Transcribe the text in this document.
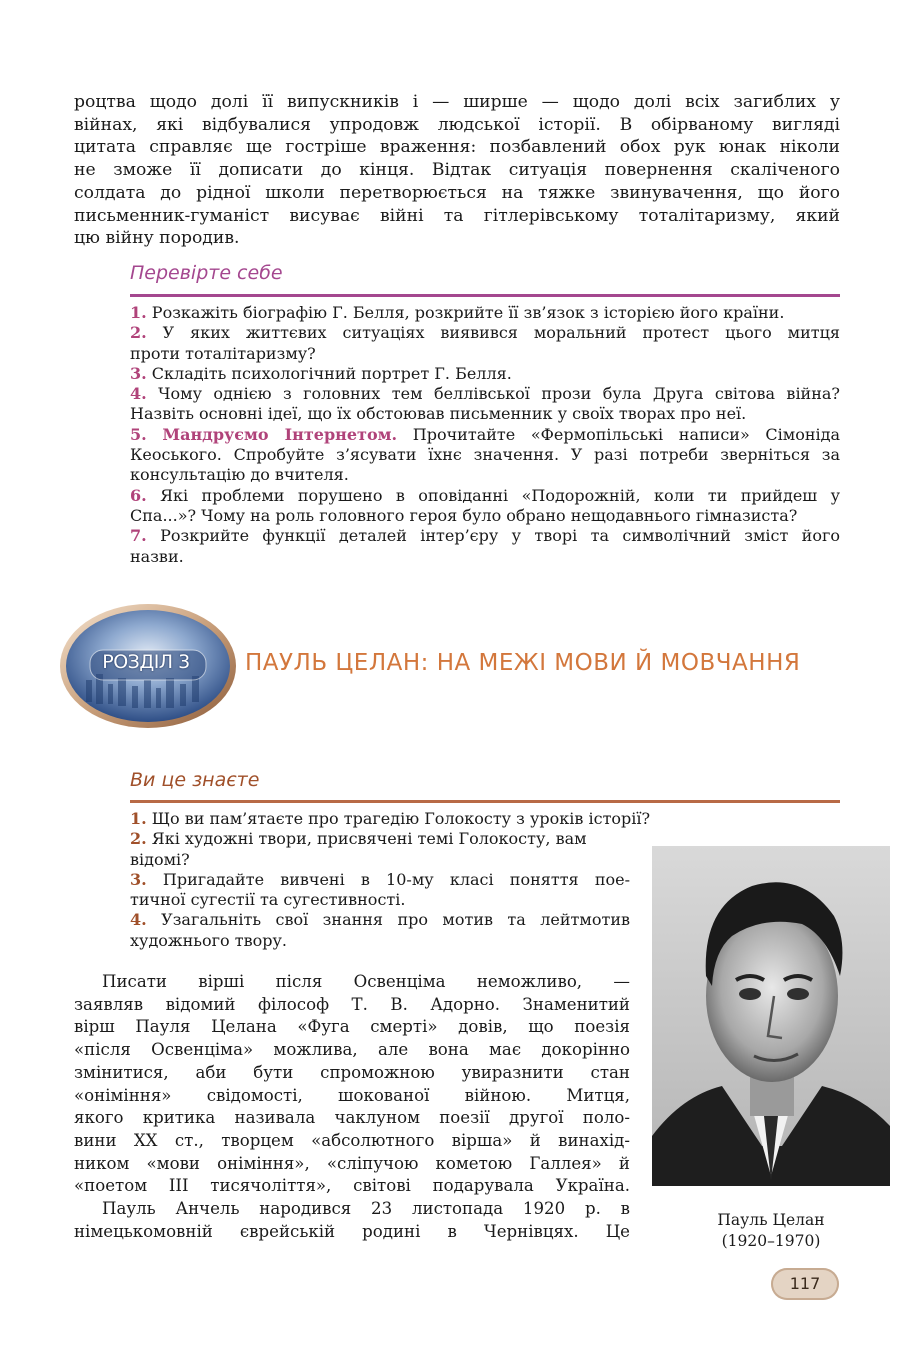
роцтва щодо долі її випускників і — ширше — щодо долі всіх загиблих у
війнах, які відбувалися упродовж людської історії. В обірваному вигляді
цитата справляє ще гостріше враження: позбавлений обох рук юнак ніколи
не зможе її дописати до кінця. Відтак ситуація повернення скаліченого
солдата до рідної школи перетворюється на тяжке звинувачення, що його
письменник-гуманіст висуває війні та гітлерівському тоталітаризму, який
цю війну породив.
Перевірте себе
1. Розкажіть біографію Г. Белля, розкрийте її зв’язок з історією його країни.
2. У яких життєвих ситуаціях виявився моральний протест цього митця
проти тоталітаризму?
3. Складіть психологічний портрет Г. Белля.
4. Чому однією з головних тем беллівської прози була Друга світова війна?
Назвіть основні ідеї, що їх обстоював письменник у своїх творах про неї.
5. Мандруємо Інтернетом. Прочитайте «Фермопільські написи» Сімоніда
Кеоського. Спробуйте з’ясувати їхнє значення. У разі потреби зверніться за
консультацію до вчителя.
6. Які проблеми порушено в оповіданні «Подорожній, коли ти прийдеш у
Спа...»? Чому на роль головного героя було обрано нещодавнього гімназиста?
7. Розкрийте функції деталей інтер’єру у творі та символічний зміст його
назви.
РОЗДІЛ 3	ПАУЛЬ ЦЕЛАН: НА МЕЖІ МОВИ Й МОВЧАННЯ
Ви це знаєте
1. Що ви пам’ятаєте про трагедію Голокосту з уроків історії?
2. Які художні твори, присвячені темі Голокосту, вам
відомі?
3. Пригадайте вивчені в 10-му класі поняття пое-
тичної сугестії та сугестивності.
4. Узагальніть свої знання про мотив та лейтмотив
художнього твору.
Писати вірші після Освенціма неможливо, —
заявляв відомий філософ Т. В. Адорно. Знаменитий
вірш Пауля Целана «Фуга смерті» довів, що поезія
«після Освенціма» можлива, але вона має докорінно
змінитися, аби бути спроможною увиразнити стан
«оніміння» свідомості, шокованої війною. Митця,
якого критика називала чаклуном поезії другої поло-
вини XX ст., творцем «абсолютного вірша» й винахід-
ником «мови оніміння», «сліпучою кометою Галлея» й
«поетом III тисячоліття», світові подарувала Україна.
Пауль Анчель народився 23 листопада 1920 р. в
німецькомовній єврейській родині в Чернівцях. Це
Пауль Целан
(1920–1970)
117
